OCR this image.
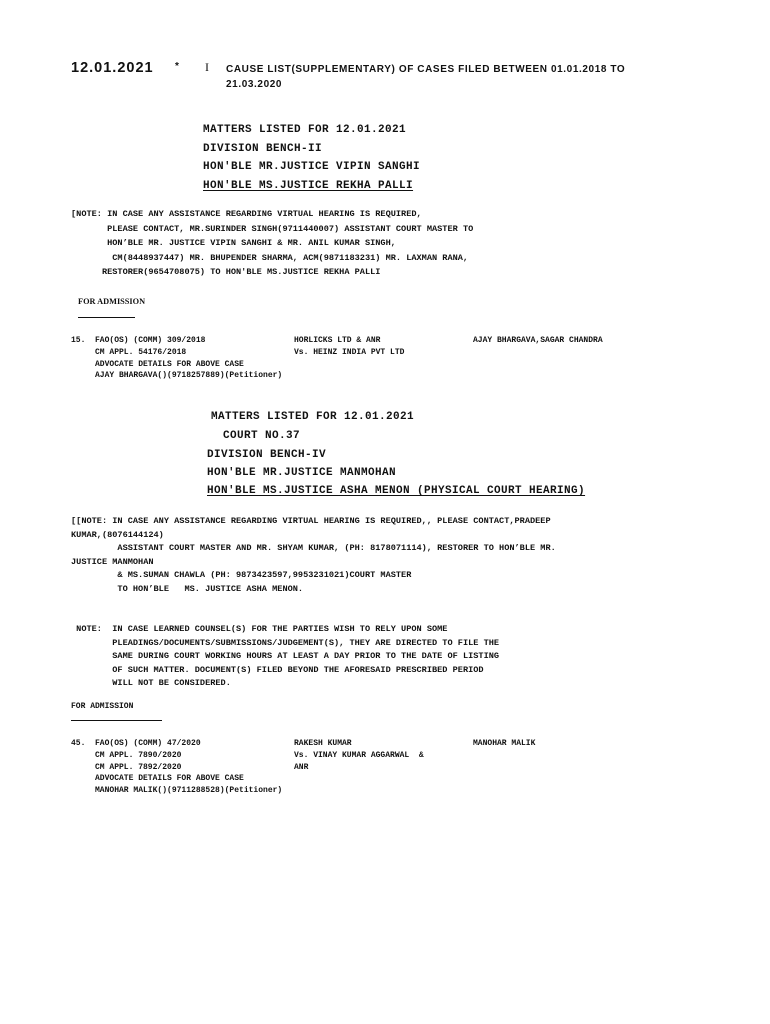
12.01.2021 * I CAUSE LIST(SUPPLEMENTARY) OF CASES FILED BETWEEN 01.01.2018 TO
21.03.2020
MATTERS LISTED FOR 12.01.2021
DIVISION BENCH-II
HON'BLE MR.JUSTICE VIPIN SANGHI
HON'BLE MS.JUSTICE REKHA PALLI
[NOTE: IN CASE ANY ASSISTANCE REGARDING VIRTUAL HEARING IS REQUIRED,
PLEASE CONTACT, MR.SURINDER SINGH(9711440007) ASSISTANT COURT MASTER TO
HON’BLE MR. JUSTICE VIPIN SANGHI & MR. ANIL KUMAR SINGH,
CM(8448937447) MR. BHUPENDER SHARMA, ACM(9871183231) MR. LAXMAN RANA,
RESTORER(9654708075) TO HON'BLE MS.JUSTICE REKHA PALLI
FOR ADMISSION
15. FAO(OS) (COMM) 309/2018
CM APPL. 54176/2018
ADVOCATE DETAILS FOR ABOVE CASE
AJAY BHARGAVA()(9718257889)(Petitioner)
HORLICKS LTD & ANR
Vs. HEINZ INDIA PVT LTD
AJAY BHARGAVA,SAGAR CHANDRA
MATTERS LISTED FOR 12.01.2021
COURT NO.37
DIVISION BENCH-IV
HON'BLE MR.JUSTICE MANMOHAN
HON'BLE MS.JUSTICE ASHA MENON (PHYSICAL COURT HEARING)
[[NOTE: IN CASE ANY ASSISTANCE REGARDING VIRTUAL HEARING IS REQUIRED,, PLEASE CONTACT,PRADEEP
KUMAR,(8076144124)
ASSISTANT COURT MASTER AND MR. SHYAM KUMAR, (PH: 8178071114), RESTORER TO HON’BLE MR.
JUSTICE MANMOHAN
& MS.SUMAN CHAWLA (PH: 9873423597,9953231021)COURT MASTER
TO HON’BLE   MS. JUSTICE ASHA MENON.
NOTE:  IN CASE LEARNED COUNSEL(S) FOR THE PARTIES WISH TO RELY UPON SOME
PLEADINGS/DOCUMENTS/SUBMISSIONS/JUDGEMENT(S), THEY ARE DIRECTED TO FILE THE
SAME DURING COURT WORKING HOURS AT LEAST A DAY PRIOR TO THE DATE OF LISTING
OF SUCH MATTER. DOCUMENT(S) FILED BEYOND THE AFORESAID PRESCRIBED PERIOD
WILL NOT BE CONSIDERED.
FOR ADMISSION
45. FAO(OS) (COMM) 47/2020
CM APPL. 7890/2020
CM APPL. 7892/2020
ADVOCATE DETAILS FOR ABOVE CASE
MANOHAR MALIK()(9711288528)(Petitioner)
RAKESH KUMAR
Vs. VINAY KUMAR AGGARWAL  &
ANR
MANOHAR MALIK
